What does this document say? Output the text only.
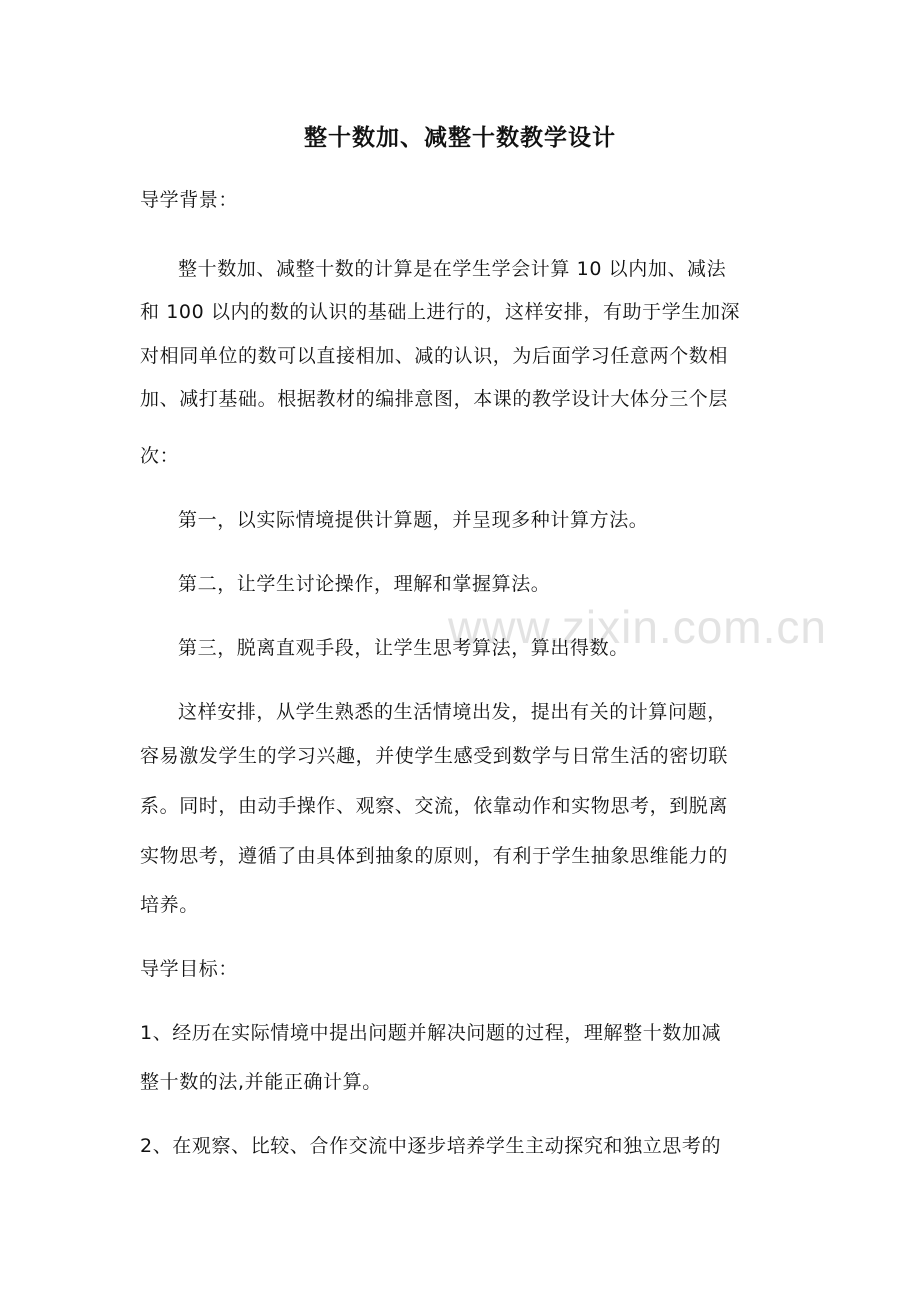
www.zixin.com.cn
整十数加、减整十数教学设计
导学背景：
整十数加、减整十数的计算是在学生学会计算 10 以内加、减法
和 100 以内的数的认识的基础上进行的，这样安排，有助于学生加深
对相同单位的数可以直接相加、减的认识，为后面学习任意两个数相
加、减打基础。根据教材的编排意图，本课的教学设计大体分三个层
次：
第一，以实际情境提供计算题，并呈现多种计算方法。
第二，让学生讨论操作，理解和掌握算法。
第三，脱离直观手段，让学生思考算法，算出得数。
这样安排，从学生熟悉的生活情境出发，提出有关的计算问题，
容易激发学生的学习兴趣，并使学生感受到数学与日常生活的密切联
系。同时，由动手操作、观察、交流，依靠动作和实物思考，到脱离
实物思考，遵循了由具体到抽象的原则，有利于学生抽象思维能力的
培养。
导学目标：
1、经历在实际情境中提出问题并解决问题的过程，理解整十数加减
整十数的法,并能正确计算。
2、在观察、比较、合作交流中逐步培养学生主动探究和独立思考的
